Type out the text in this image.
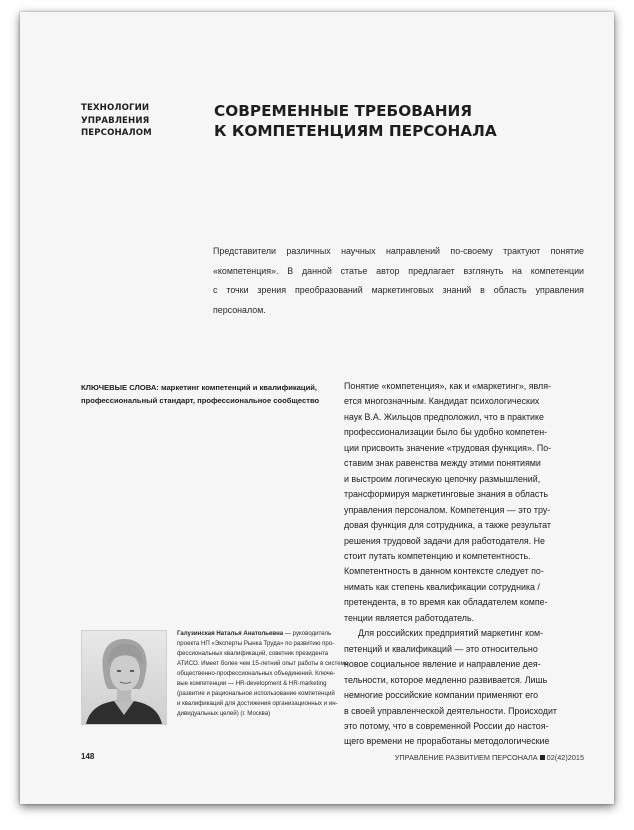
ТЕХНОЛОГИИ
УПРАВЛЕНИЯ
ПЕРСОНАЛОМ
СОВРЕМЕННЫЕ ТРЕБОВАНИЯ
К КОМПЕТЕНЦИЯМ ПЕРСОНАЛА
Представители различных научных направлений по-своему трактуют понятие
«компетенция». В данной статье автор предлагает взглянуть на компетенции
с точки зрения преобразований маркетинговых знаний в область управления
персоналом.
КЛЮЧЕВЫЕ СЛОВА: маркетинг компетенций и квалификаций,
профессиональный стандарт, профессиональное сообщество
Понятие «компетенция», как и «маркетинг», явля-
ется многозначным. Кандидат психологических
наук В.А. Жильцов предположил, что в практике
профессионализации было бы удобно компетен-
ции присвоить значение «трудовая функция». По-
ставим знак равенства между этими понятиями
и выстроим логическую цепочку размышлений,
трансформируя маркетинговые знания в область
управления персоналом. Компетенция — это тру-
довая функция для сотрудника, а также результат
решения трудовой задачи для работодателя. Не
стоит путать компетенцию и компетентность.
Компетентность в данном контексте следует по-
нимать как степень квалификации сотрудника /
претендента, в то время как обладателем компе-
тенции является работодатель.
Для российских предприятий маркетинг ком-
петенций и квалификаций — это относительно
новое социальное явление и направление дея-
тельности, которое медленно развивается. Лишь
немногие российские компании применяют его
в своей управленческой деятельности. Происходит
это потому, что в современной России до настоя-
щего времени не проработаны методологические
Галузинская Наталья Анатольевна — руководитель
проекта НП «Эксперты Рынка Труда» по развитию про-
фессиональных квалификаций, советник президента
АТИСО. Имеет более чем 15-летний опыт работы в системе
общественно-профессиональных объединений. Ключе-
вые компетенции — HR-development & HR-marketing
(развитие и рациональное использование компетенций
и квалификаций для достижения организационных и ин-
дивидуальных целей) (г. Москва)
148	УПРАВЛЕНИЕ РАЗВИТИЕМ ПЕРСОНАЛА 02(42)2015
